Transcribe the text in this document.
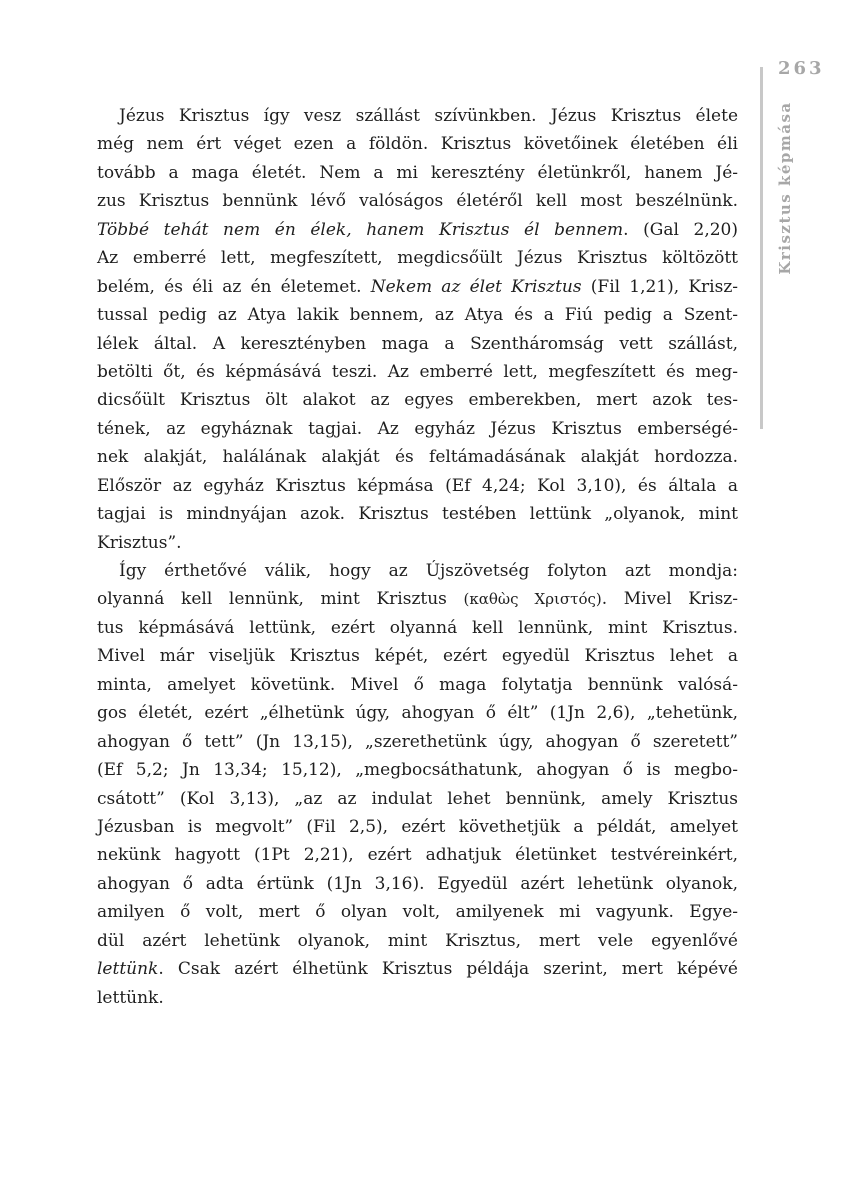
263
Krisztus képmása
Jézus Krisztus így vesz szállást szívünkben. Jézus Krisztus élete
még nem ért véget ezen a földön. Krisztus követőinek életében éli
tovább a maga életét. Nem a mi keresztény életünkről, hanem Jé-
zus Krisztus bennünk lévő valóságos életéről kell most beszélnünk.
Többé tehát nem én élek, hanem Krisztus él bennem. (Gal 2,20)
Az emberré lett, megfeszített, megdicsőült Jézus Krisztus költözött
belém, és éli az én életemet. Nekem az élet Krisztus (Fil 1,21), Krisz-
tussal pedig az Atya lakik bennem, az Atya és a Fiú pedig a Szent-
lélek által. A keresztényben maga a Szentháromság vett szállást,
betölti őt, és képmásává teszi. Az emberré lett, megfeszített és meg-
dicsőült Krisztus ölt alakot az egyes emberekben, mert azok tes-
tének, az egyháznak tagjai. Az egyház Jézus Krisztus emberségé-
nek alakját, halálának alakját és feltámadásának alakját hordozza.
Először az egyház Krisztus képmása (Ef 4,24; Kol 3,10), és általa a
tagjai is mindnyájan azok. Krisztus testében lettünk „olyanok, mint
Krisztus”.
Így érthetővé válik, hogy az Újszövetség folyton azt mondja:
olyanná kell lennünk, mint Krisztus (καθὼς Χριστός). Mivel Krisz-
tus képmásává lettünk, ezért olyanná kell lennünk, mint Krisztus.
Mivel már viseljük Krisztus képét, ezért egyedül Krisztus lehet a
minta, amelyet követünk. Mivel ő maga folytatja bennünk valósá-
gos életét, ezért „élhetünk úgy, ahogyan ő élt” (1Jn 2,6), „tehetünk,
ahogyan ő tett” (Jn 13,15), „szerethetünk úgy, ahogyan ő szeretett”
(Ef 5,2; Jn 13,34; 15,12), „megbocsáthatunk, ahogyan ő is megbo-
csátott” (Kol 3,13), „az az indulat lehet bennünk, amely Krisztus
Jézusban is megvolt” (Fil 2,5), ezért követhetjük a példát, amelyet
nekünk hagyott (1Pt 2,21), ezért adhatjuk életünket testvéreinkért,
ahogyan ő adta értünk (1Jn 3,16). Egyedül azért lehetünk olyanok,
amilyen ő volt, mert ő olyan volt, amilyenek mi vagyunk. Egye-
dül azért lehetünk olyanok, mint Krisztus, mert vele egyenlővé
lettünk. Csak azért élhetünk Krisztus példája szerint, mert képévé
lettünk.
